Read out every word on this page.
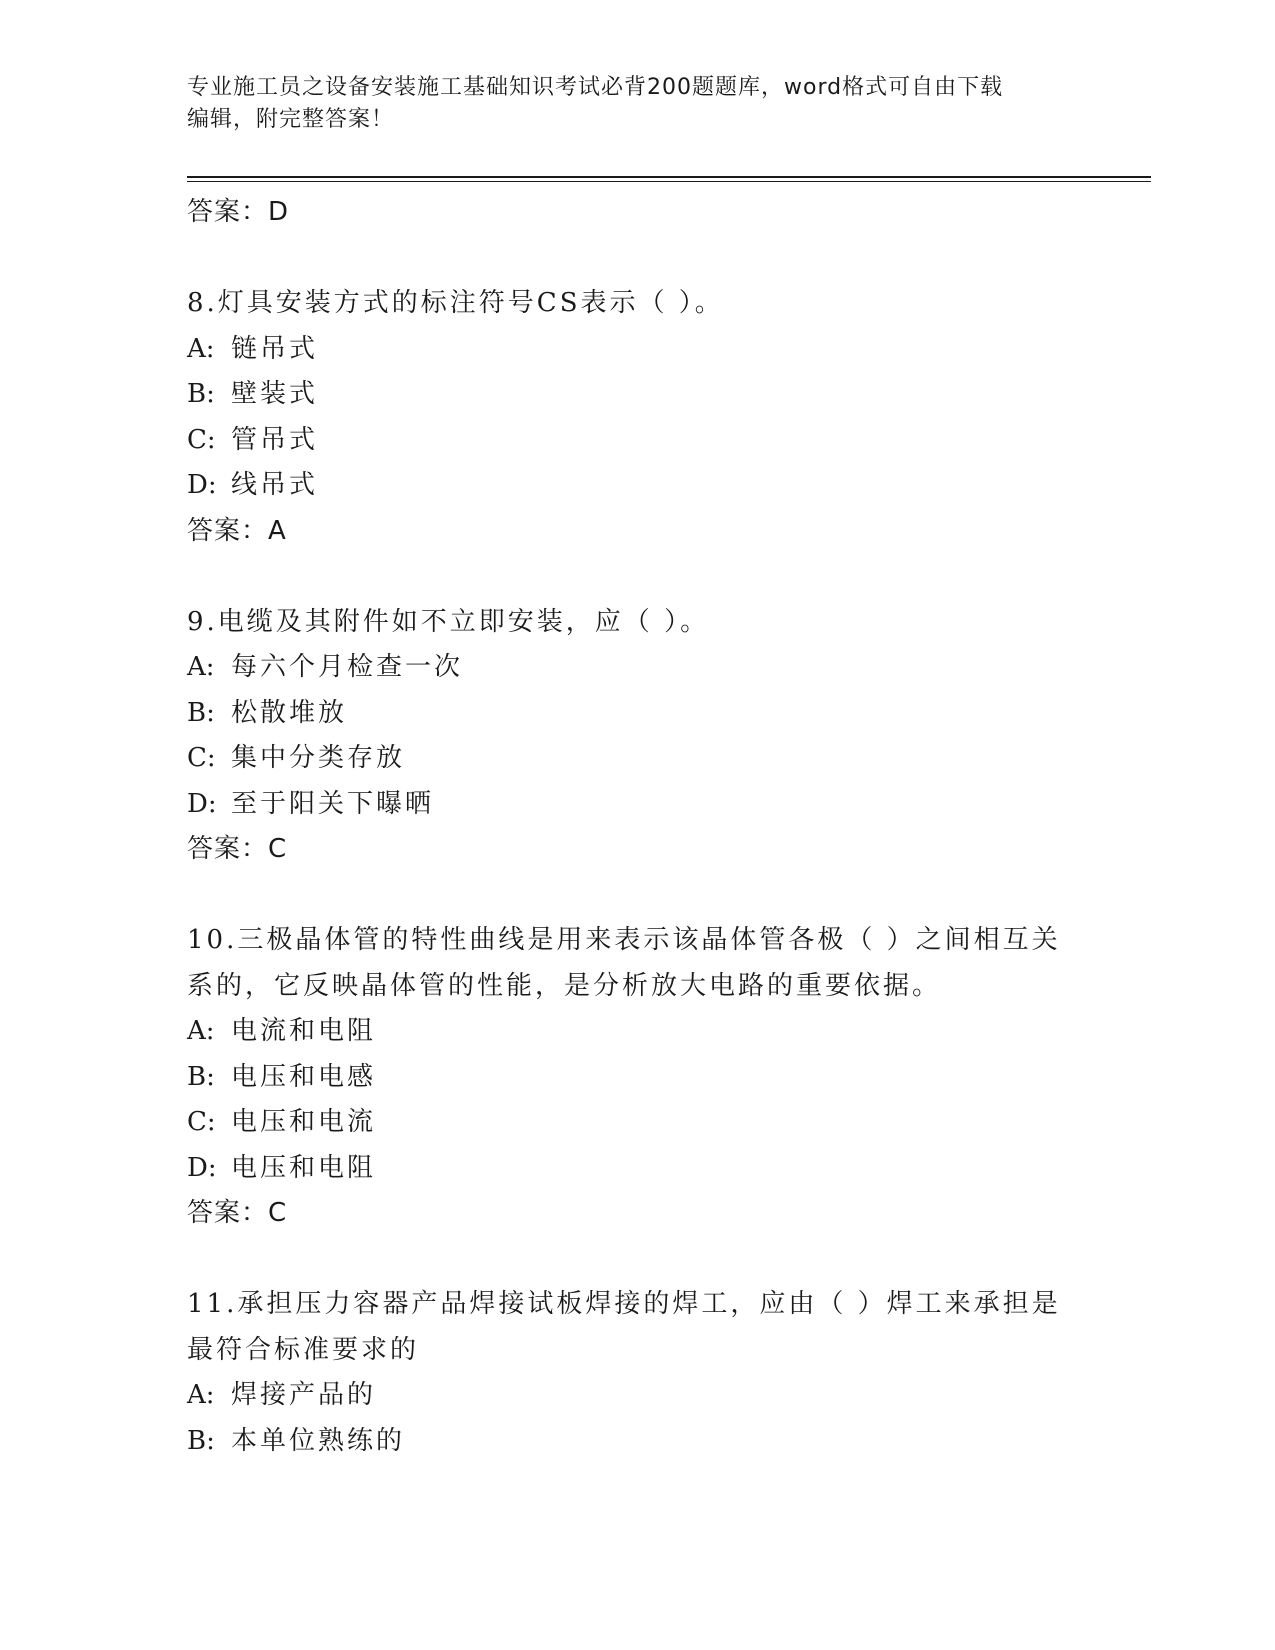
专业施工员之设备安装施工基础知识考试必背200题题库，word格式可自由下载
编辑，附完整答案！
答案：D
8.灯具安装方式的标注符号CS表示（ ）。
A: 链吊式
B: 壁装式
C: 管吊式
D: 线吊式
答案：A
9.电缆及其附件如不立即安装，应（ ）。
A: 每六个月检查一次
B: 松散堆放
C: 集中分类存放
D: 至于阳关下曝晒
答案：C
10.三极晶体管的特性曲线是用来表示该晶体管各极（ ）之间相互关
系的，它反映晶体管的性能，是分析放大电路的重要依据。
A: 电流和电阻
B: 电压和电感
C: 电压和电流
D: 电压和电阻
答案：C
11.承担压力容器产品焊接试板焊接的焊工，应由（ ）焊工来承担是
最符合标准要求的
A: 焊接产品的
B: 本单位熟练的
